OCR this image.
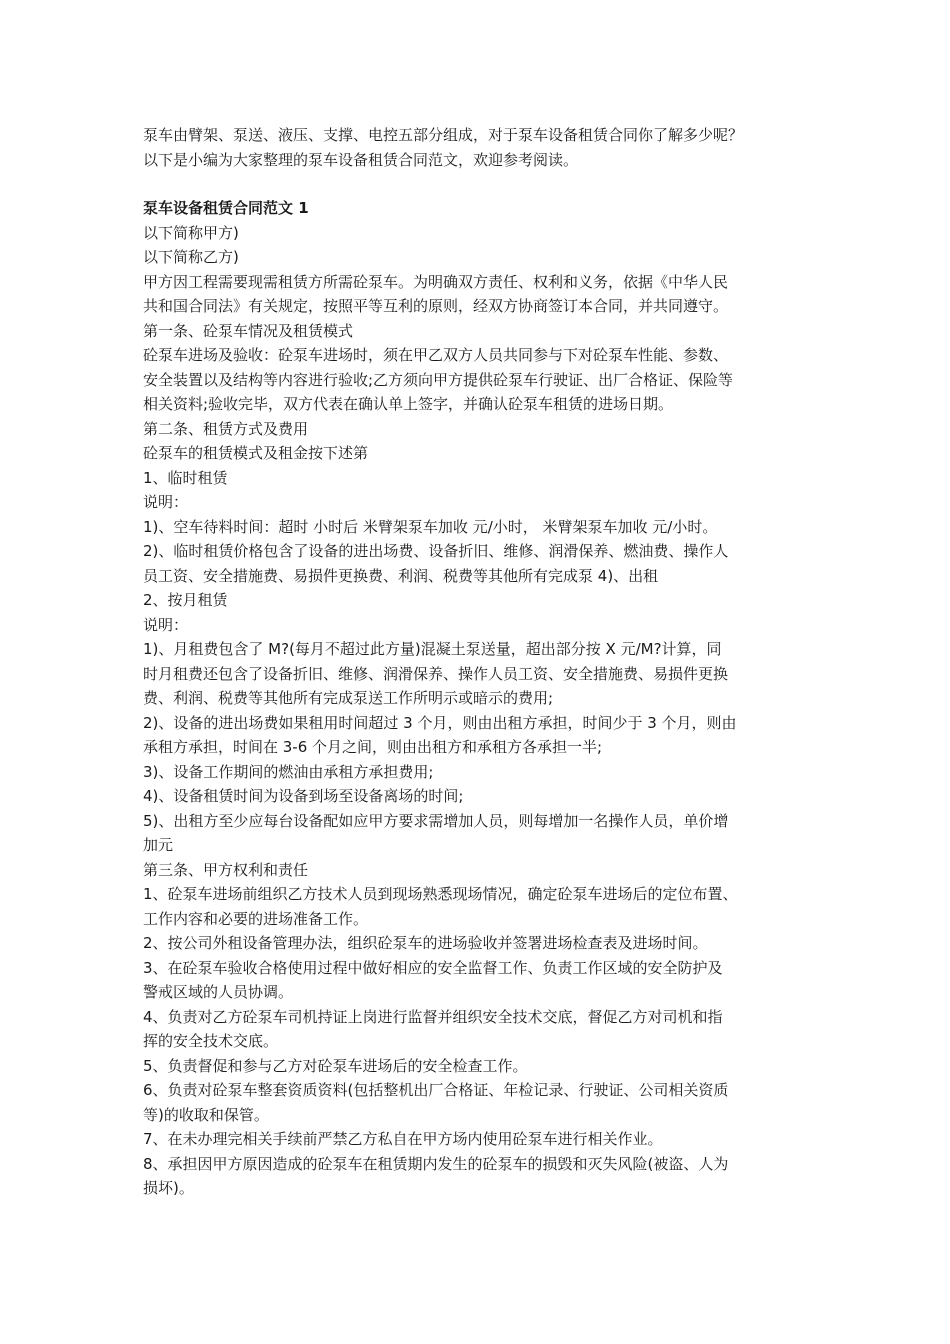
泵车由臂架、泵送、液压、支撑、电控五部分组成，对于泵车设备租赁合同你了解多少呢？

以下是小编为大家整理的泵车设备租赁合同范文，欢迎参考阅读。

泵车设备租赁合同范文 1

以下简称甲方)

以下简称乙方)

甲方因工程需要现需租赁方所需砼泵车。为明确双方责任、权利和义务，依据《中华人民

共和国合同法》有关规定，按照平等互利的原则，经双方协商签订本合同，并共同遵守。

第一条、砼泵车情况及租赁模式

砼泵车进场及验收：砼泵车进场时，须在甲乙双方人员共同参与下对砼泵车性能、参数、

安全装置以及结构等内容进行验收;乙方须向甲方提供砼泵车行驶证、出厂合格证、保险等

相关资料;验收完毕，双方代表在确认单上签字，并确认砼泵车租赁的进场日期。

第二条、租赁方式及费用

砼泵车的租赁模式及租金按下述第

1、临时租赁

说明：

1)、空车待料时间：超时 小时后 米臂架泵车加收 元/小时， 米臂架泵车加收 元/小时。

2)、临时租赁价格包含了设备的进出场费、设备折旧、维修、润滑保养、燃油费、操作人

员工资、安全措施费、易损件更换费、利润、税费等其他所有完成泵 4)、出租

2、按月租赁

说明：

1)、月租费包含了 M?(每月不超过此方量)混凝土泵送量，超出部分按 X 元/M?计算，同

时月租费还包含了设备折旧、维修、润滑保养、操作人员工资、安全措施费、易损件更换

费、利润、税费等其他所有完成泵送工作所明示或暗示的费用;

2)、设备的进出场费如果租用时间超过 3 个月，则由出租方承担，时间少于 3 个月，则由

承租方承担，时间在 3-6 个月之间，则由出租方和承租方各承担一半;

3)、设备工作期间的燃油由承租方承担费用;

4)、设备租赁时间为设备到场至设备离场的时间;

5)、出租方至少应每台设备配如应甲方要求需增加人员，则每增加一名操作人员，单价增

加元

第三条、甲方权利和责任

1、砼泵车进场前组织乙方技术人员到现场熟悉现场情况，确定砼泵车进场后的定位布置、

工作内容和必要的进场准备工作。

2、按公司外租设备管理办法，组织砼泵车的进场验收并签署进场检查表及进场时间。

3、在砼泵车验收合格使用过程中做好相应的安全监督工作、负责工作区域的安全防护及

警戒区域的人员协调。

4、负责对乙方砼泵车司机持证上岗进行监督并组织安全技术交底，督促乙方对司机和指

挥的安全技术交底。

5、负责督促和参与乙方对砼泵车进场后的安全检查工作。

6、负责对砼泵车整套资质资料(包括整机出厂合格证、年检记录、行驶证、公司相关资质

等)的收取和保管。

7、在未办理完相关手续前严禁乙方私自在甲方场内使用砼泵车进行相关作业。

8、承担因甲方原因造成的砼泵车在租赁期内发生的砼泵车的损毁和灭失风险(被盗、人为

损坏)。
